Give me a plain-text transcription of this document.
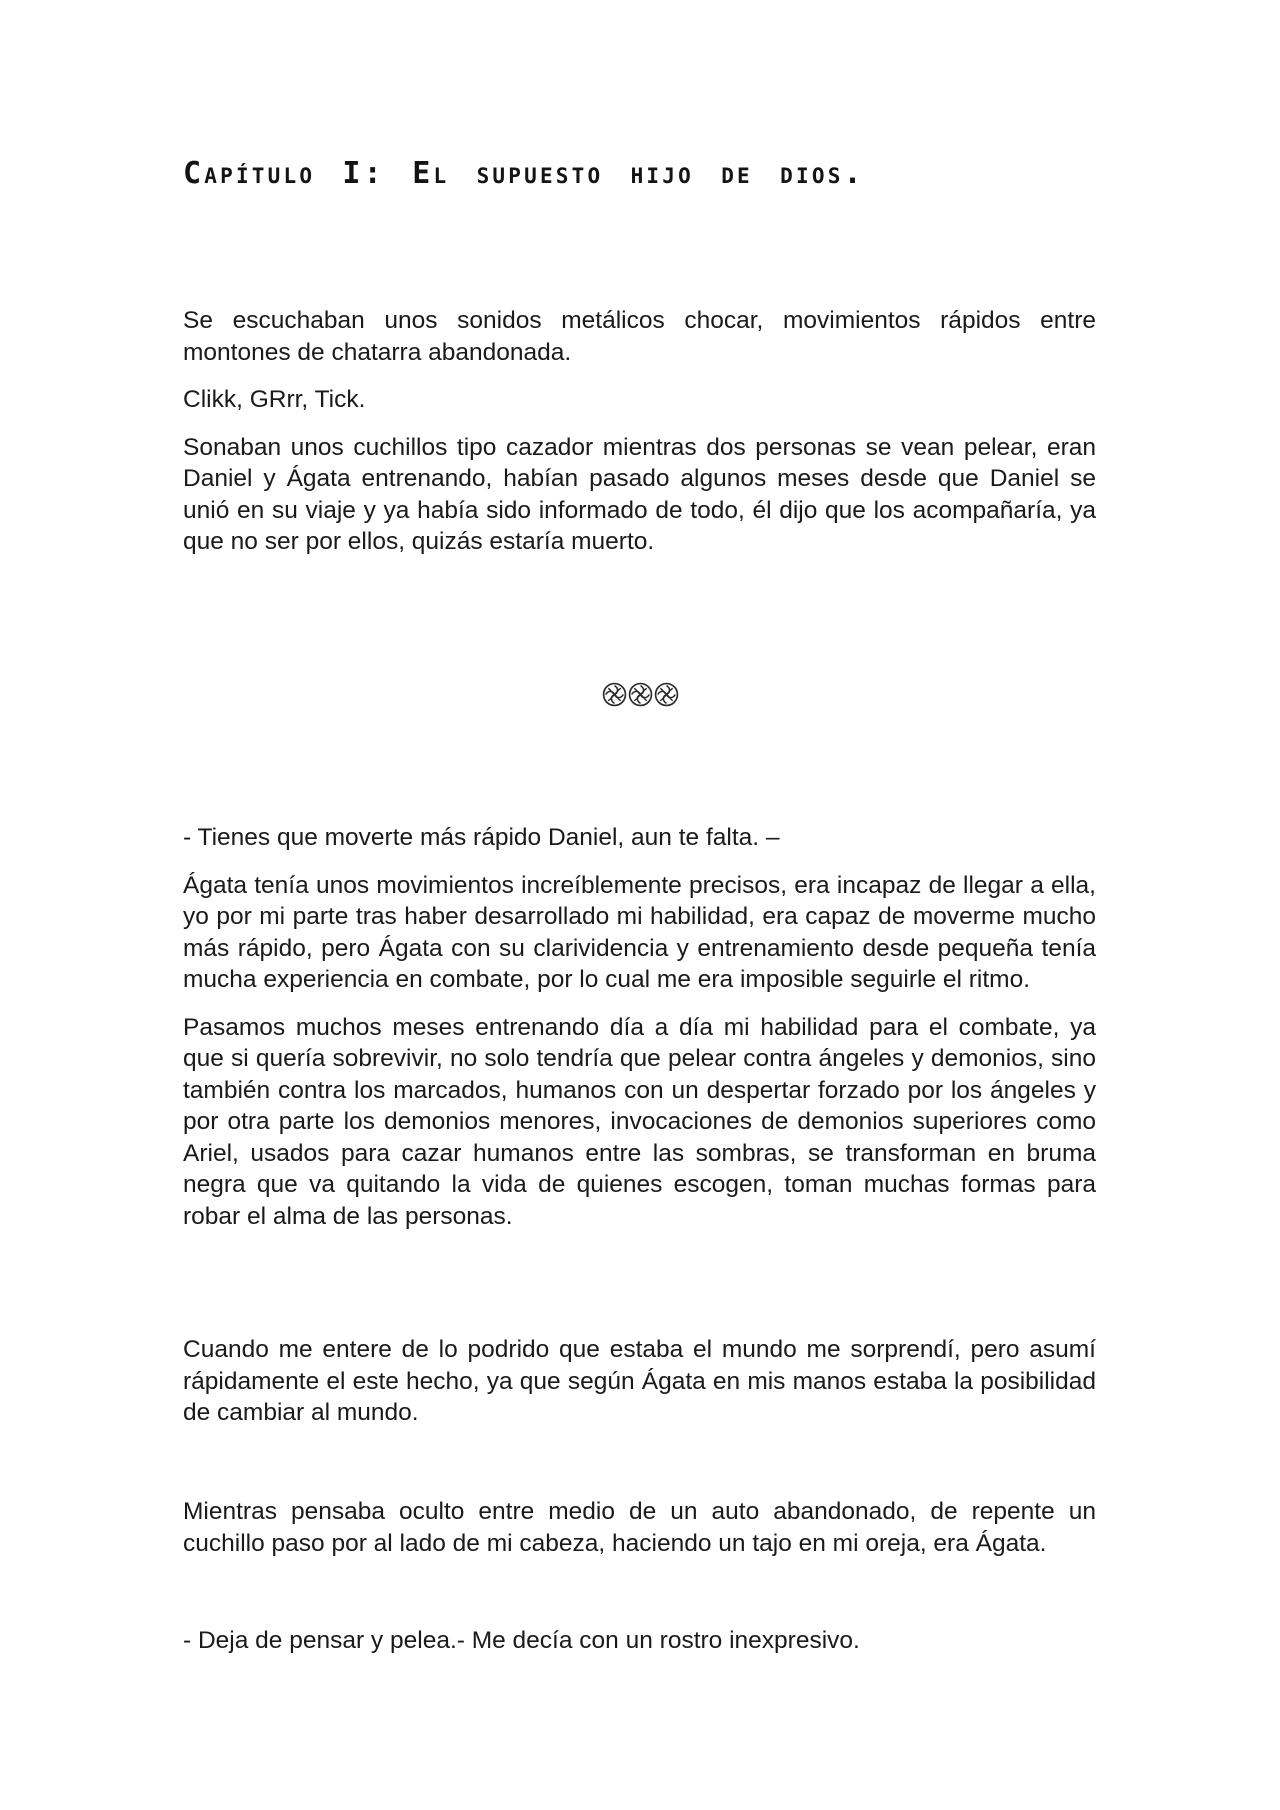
Capítulo I: El supuesto hijo de dios.

Se escuchaban unos sonidos metálicos chocar, movimientos rápidos entre montones de chatarra abandonada.

Clikk, GRrr, Tick.

Sonaban unos cuchillos tipo cazador mientras dos personas se vean pelear, eran Daniel y Ágata entrenando, habían pasado algunos meses desde que Daniel se unió en su viaje y ya había sido informado de todo, él dijo que los acompañaría, ya que no ser por ellos, quizás estaría muerto.

- Tienes que moverte más rápido Daniel, aun te falta. –

Ágata tenía unos movimientos increíblemente precisos, era incapaz de llegar a ella, yo por mi parte tras haber desarrollado mi habilidad, era capaz de moverme mucho más rápido, pero Ágata con su clarividencia y entrenamiento desde pequeña tenía mucha experiencia en combate, por lo cual me era imposible seguirle el ritmo.

Pasamos muchos meses entrenando día a día mi habilidad para el combate, ya que si quería sobrevivir, no solo tendría que pelear contra ángeles y demonios, sino también contra los marcados, humanos con un despertar forzado por los ángeles y por otra parte los demonios menores, invocaciones de demonios superiores como Ariel, usados para cazar humanos entre las sombras, se transforman en bruma negra que va quitando la vida de quienes escogen, toman muchas formas para robar el alma de las personas.

Cuando me entere de lo podrido que estaba el mundo me sorprendí, pero asumí rápidamente el este hecho, ya que según Ágata en mis manos estaba la posibilidad de cambiar al mundo.

Mientras pensaba oculto entre medio de un auto abandonado, de repente un cuchillo paso por al lado de mi cabeza, haciendo un tajo en mi oreja, era Ágata.

- Deja de pensar y pelea.- Me decía con un rostro inexpresivo.
